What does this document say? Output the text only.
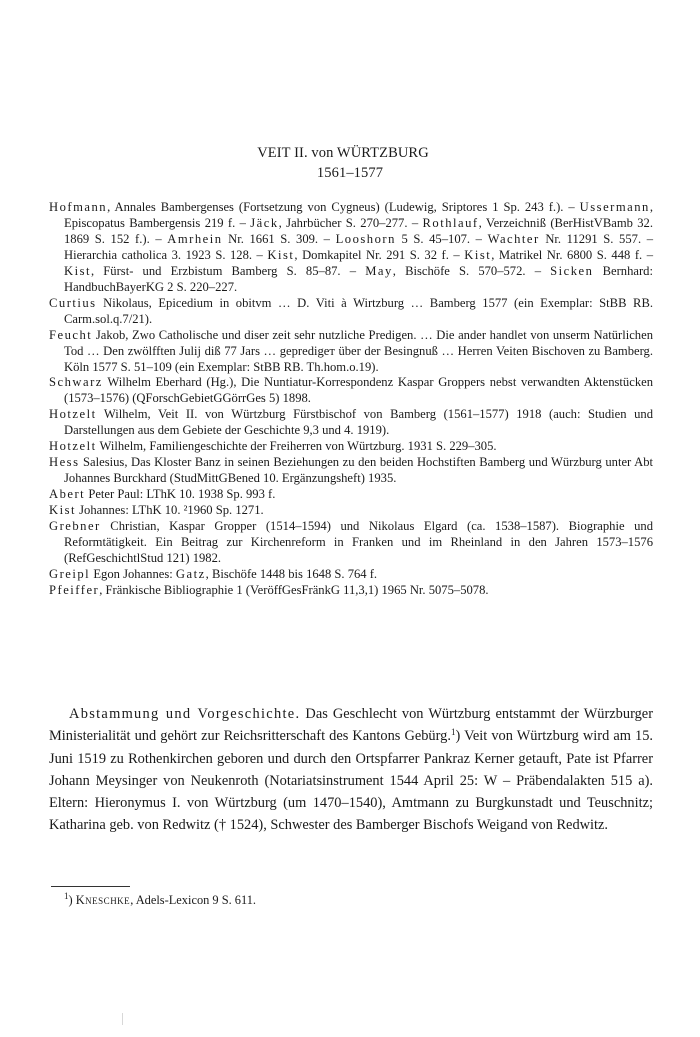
VEIT II. von WÜRTZBURG
1561–1577
Hofmann, Annales Bambergenses (Fortsetzung von Cygneus) (Ludewig, Sriptores 1 Sp. 243 f.). – Ussermann, Episcopatus Bambergensis 219 f. – Jäck, Jahrbücher S. 270–277. – Rothlauf, Verzeichniß (BerHistVBamb 32. 1869 S. 152 f.). – Amrhein Nr. 1661 S. 309. – Looshorn 5 S. 45–107. – Wachter Nr. 11291 S. 557. – Hierarchia catholica 3. 1923 S. 128. – Kist, Domkapitel Nr. 291 S. 32 f. – Kist, Matrikel Nr. 6800 S. 448 f. – Kist, Fürst- und Erzbistum Bamberg S. 85–87. – May, Bischöfe S. 570–572. – Sicken Bernhard: HandbuchBayerKG 2 S. 220–227.
Curtius Nikolaus, Epicedium in obitvm … D. Viti à Wirtzburg … Bamberg 1577 (ein Exemplar: StBB RB. Carm.sol.q.7/21).
Feucht Jakob, Zwo Catholische und diser zeit sehr nutzliche Predigen. … Die ander handlet von unserm Natürlichen Tod … Den zwölfften Julij diß 77 Jars … gepredigет über der Besingnuß … Herren Veiten Bischoven zu Bamberg. Köln 1577 S. 51–109 (ein Exemplar: StBB RB. Th.hom.o.19).
Schwarz Wilhelm Eberhard (Hg.), Die Nuntiatur-Korrespondenz Kaspar Groppers nebst verwandten Aktenstücken (1573–1576) (QForschGebietGGörrGes 5) 1898.
Hotzelt Wilhelm, Veit II. von Würtzburg Fürstbischof von Bamberg (1561–1577) 1918 (auch: Studien und Darstellungen aus dem Gebiete der Geschichte 9,3 und 4. 1919).
Hotzelt Wilhelm, Familiengeschichte der Freiherren von Würtzburg. 1931 S. 229–305.
Hess Salesius, Das Kloster Banz in seinen Beziehungen zu den beiden Hochstiften Bamberg und Würzburg unter Abt Johannes Burckhard (StudMittGBened 10. Ergänzungsheft) 1935.
Abert Peter Paul: LThK 10. 1938 Sp. 993 f.
Kist Johannes: LThK 10. ²1960 Sp. 1271.
Grebner Christian, Kaspar Gropper (1514–1594) und Nikolaus Elgard (ca. 1538–1587). Biographie und Reformtätigkeit. Ein Beitrag zur Kirchenreform in Franken und im Rheinland in den Jahren 1573–1576 (RefGeschichtlStud 121) 1982.
Greipl Egon Johannes: Gatz, Bischöfe 1448 bis 1648 S. 764 f.
Pfeiffer, Fränkische Bibliographie 1 (VeröffGesFränkG 11,3,1) 1965 Nr. 5075–5078.
Abstammung und Vorgeschichte. Das Geschlecht von Würtzburg entstammt der Würzburger Ministerialität und gehört zur Reichsritterschaft des Kantons Gebürg.$^1$) Veit von Würtzburg wird am 15. Juni 1519 zu Rothenkirchen geboren und durch den Ortspfarrer Pankraz Kerner getauft, Pate ist Pfarrer Johann Meysinger von Neukenroth (Notariatsinstrument 1544 April 25: W – Präbendalakten 515 a). Eltern: Hieronymus I. von Würtzburg (um 1470–1540), Amtmann zu Burgkunstadt und Teuschnitz; Katharina geb. von Redwitz († 1524), Schwester des Bamberger Bischofs Weigand von Redwitz.
$^1$) Kneschke, Adels-Lexicon 9 S. 611.
